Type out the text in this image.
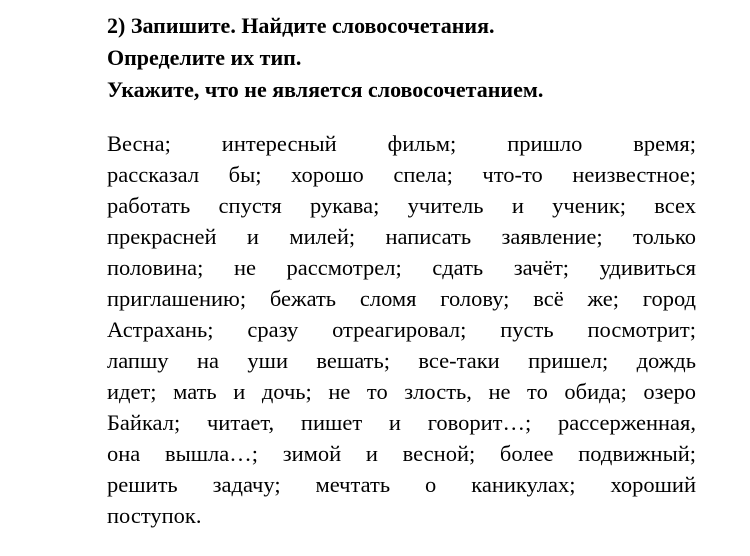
2) Запишите. Найдите словосочетания.
Определите их тип.
Укажите, что не является словосочетанием.
Весна; интересный фильм; пришло время;
рассказал бы; хорошо спела; что-то неизвестное;
работать спустя рукава; учитель и ученик; всех
прекрасней и милей; написать заявление; только
половина; не рассмотрел; сдать зачёт; удивиться
приглашению; бежать сломя голову; всё же; город
Астрахань; сразу отреагировал; пусть посмотрит;
лапшу на уши вешать; все-таки пришел; дождь
идет; мать и дочь; не то злость, не то обида; озеро
Байкал; читает, пишет и говорит…; рассерженная,
она вышла…; зимой и весной; более подвижный;
решить задачу; мечтать о каникулах; хороший
поступок.
